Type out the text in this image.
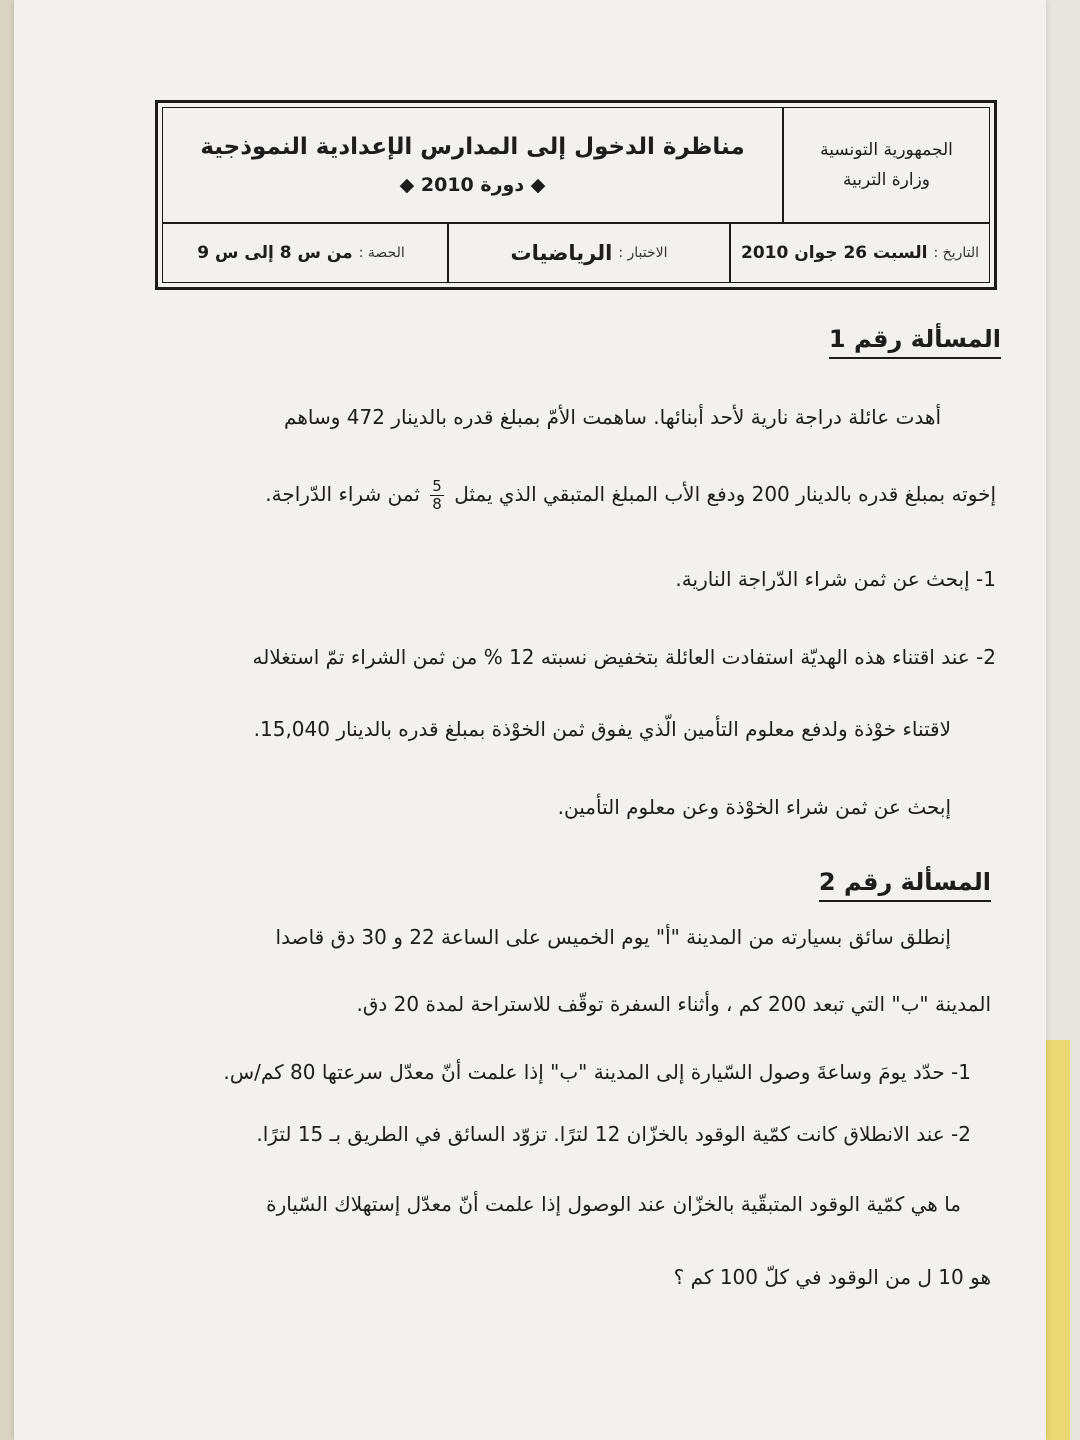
الجمهورية التونسية
وزارة التربية
مناظرة الدخول إلى المدارس الإعدادية النموذجية
◆ دورة 2010 ◆
التاريخ :
السبت 26 جوان 2010
الاختبار :
الرياضيات
الحصة :
من س 8 إلى س 9
المسألة رقم 1
أهدت عائلة دراجة نارية لأحد أبنائها. ساهمت الأمّ بمبلغ قدره بالدينار 472 وساهم
إخوته بمبلغ قدره بالدينار 200 ودفع الأب المبلغ المتبقي الذي يمثل
$\frac{5}{8}$
ثمن شراء الدّراجة.
1- إبحث عن ثمن شراء الدّراجة النارية.
2- عند اقتناء هذه الهديّة استفادت العائلة بتخفيض نسبته 12 % من ثمن الشراء تمّ استغلاله
لاقتناء خوْذة ولدفع معلوم التأمين الّذي يفوق ثمن الخوْذة بمبلغ قدره بالدينار 15,040.
إبحث عن ثمن شراء الخوْذة وعن معلوم التأمين.
المسألة رقم 2
إنطلق سائق بسيارته من المدينة "أ" يوم الخميس على الساعة 22 و 30 دق قاصدا
المدينة "ب" التي تبعد 200 كم ، وأثناء السفرة توقّف للاستراحة لمدة 20 دق.
1- حدّد يومَ وساعةَ وصول السّيارة إلى المدينة "ب" إذا علمت أنّ معدّل سرعتها 80 كم/س.
2- عند الانطلاق كانت كمّية الوقود بالخزّان 12 لترًا. تزوّد السائق في الطريق بـ 15 لترًا.
ما هي كمّية الوقود المتبقّية بالخزّان عند الوصول إذا علمت أنّ معدّل إستهلاك السّيارة
هو 10 ل من الوقود في كلّ 100 كم ؟
